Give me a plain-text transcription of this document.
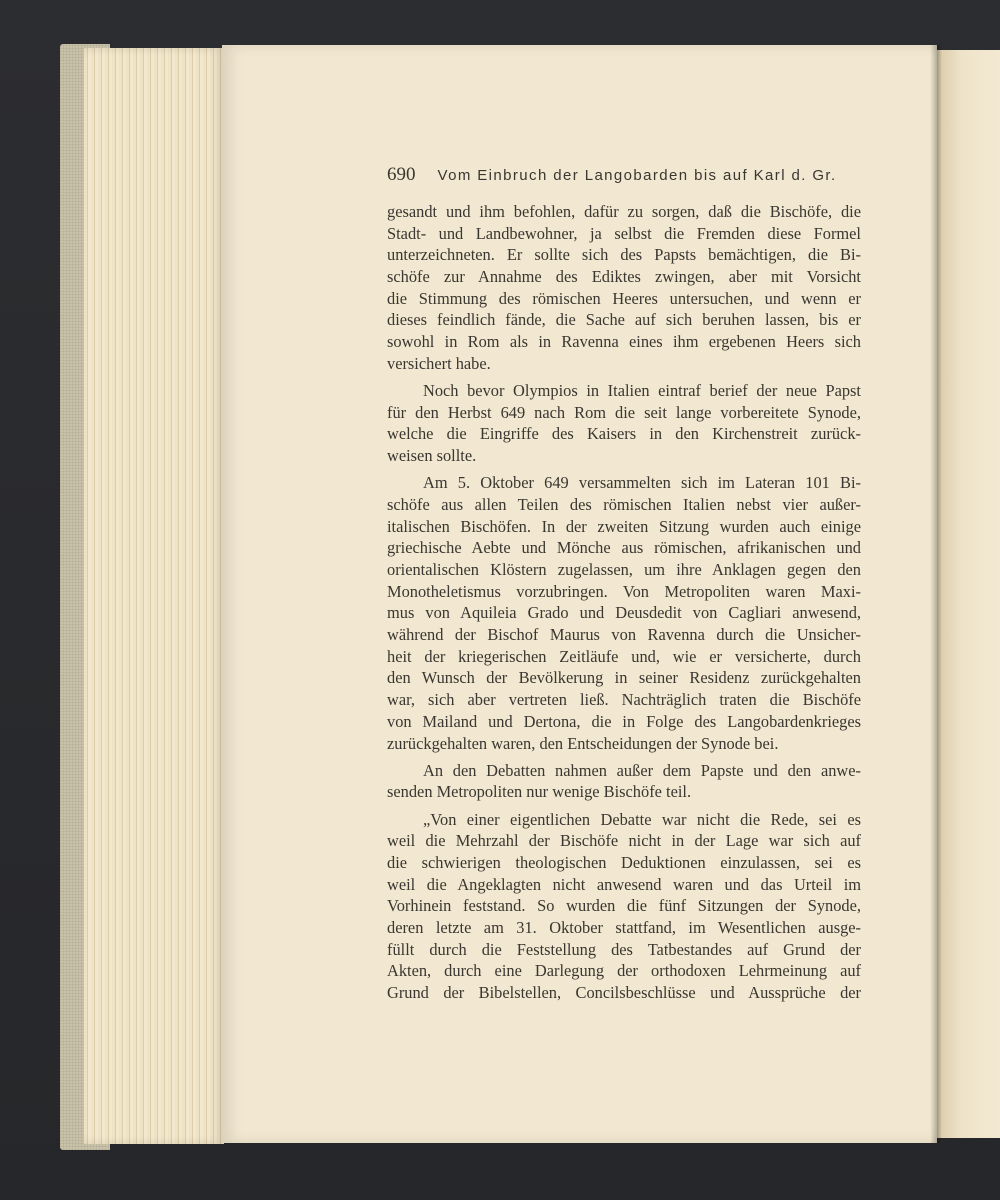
690 Vom Einbruch der Langobarden bis auf Karl d. Gr.
gesandt und ihm befohlen, dafür zu sorgen, daß die Bischöfe, die
Stadt- und Landbewohner, ja selbst die Fremden diese Formel
unterzeichneten. Er sollte sich des Papsts bemächtigen, die Bi-
schöfe zur Annahme des Ediktes zwingen, aber mit Vorsicht
die Stimmung des römischen Heeres untersuchen, und wenn er
dieses feindlich fände, die Sache auf sich beruhen lassen, bis er
sowohl in Rom als in Ravenna eines ihm ergebenen Heers sich
versichert habe.
Noch bevor Olympios in Italien eintraf berief der neue Papst
für den Herbst 649 nach Rom die seit lange vorbereitete Synode,
welche die Eingriffe des Kaisers in den Kirchenstreit zurück-
weisen sollte.
Am 5. Oktober 649 versammelten sich im Lateran 101 Bi-
schöfe aus allen Teilen des römischen Italien nebst vier außer-
italischen Bischöfen. In der zweiten Sitzung wurden auch einige
griechische Aebte und Mönche aus römischen, afrikanischen und
orientalischen Klöstern zugelassen, um ihre Anklagen gegen den
Monotheletismus vorzubringen. Von Metropoliten waren Maxi-
mus von Aquileia Grado und Deusdedit von Cagliari anwesend,
während der Bischof Maurus von Ravenna durch die Unsicher-
heit der kriegerischen Zeitläufe und, wie er versicherte, durch
den Wunsch der Bevölkerung in seiner Residenz zurückgehalten
war, sich aber vertreten ließ. Nachträglich traten die Bischöfe
von Mailand und Dertona, die in Folge des Langobardenkrieges
zurückgehalten waren, den Entscheidungen der Synode bei.
An den Debatten nahmen außer dem Papste und den anwe-
senden Metropoliten nur wenige Bischöfe teil.
„Von einer eigentlichen Debatte war nicht die Rede, sei es
weil die Mehrzahl der Bischöfe nicht in der Lage war sich auf
die schwierigen theologischen Deduktionen einzulassen, sei es
weil die Angeklagten nicht anwesend waren und das Urteil im
Vorhinein feststand. So wurden die fünf Sitzungen der Synode,
deren letzte am 31. Oktober stattfand, im Wesentlichen ausge-
füllt durch die Feststellung des Tatbestandes auf Grund der
Akten, durch eine Darlegung der orthodoxen Lehrmeinung auf
Grund der Bibelstellen, Concilsbeschlüsse und Aussprüche der
